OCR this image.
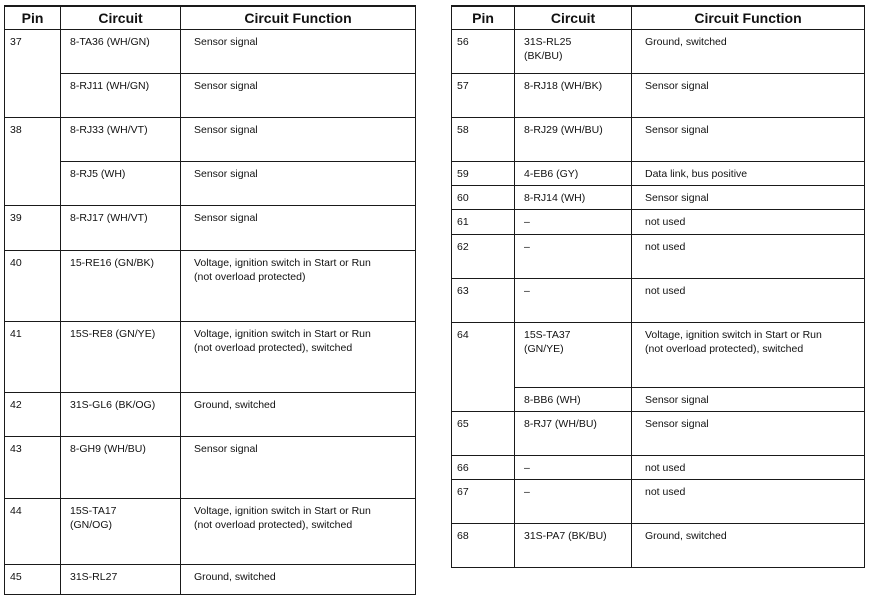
Pin	Circuit	Circuit Function
37	8-TA36 (WH/GN)	Sensor signal
	8-RJ11 (WH/GN)	Sensor signal
38	8-RJ33 (WH/VT)	Sensor signal
	8-RJ5 (WH)	Sensor signal
39	8-RJ17 (WH/VT)	Sensor signal
40	15-RE16 (GN/BK)	Voltage, ignition switch in Start or Run
(not overload protected)
41	15S-RE8 (GN/YE)	Voltage, ignition switch in Start or Run
(not overload protected), switched
42	31S-GL6 (BK/OG)	Ground, switched
43	8-GH9 (WH/BU)	Sensor signal
44	15S-TA17
(GN/OG)	Voltage, ignition switch in Start or Run
(not overload protected), switched
45	31S-RL27	Ground, switched
Pin	Circuit	Circuit Function
56	31S-RL25
(BK/BU)	Ground, switched
57	8-RJ18 (WH/BK)	Sensor signal
58	8-RJ29 (WH/BU)	Sensor signal
59	4-EB6 (GY)	Data link, bus positive
60	8-RJ14 (WH)	Sensor signal
61	–	not used
62	–	not used
63	–	not used
64	15S-TA37
(GN/YE)	Voltage, ignition switch in Start or Run
(not overload protected), switched
	8-BB6 (WH)	Sensor signal
65	8-RJ7 (WH/BU)	Sensor signal
66	–	not used
67	–	not used
68	31S-PA7 (BK/BU)	Ground, switched
